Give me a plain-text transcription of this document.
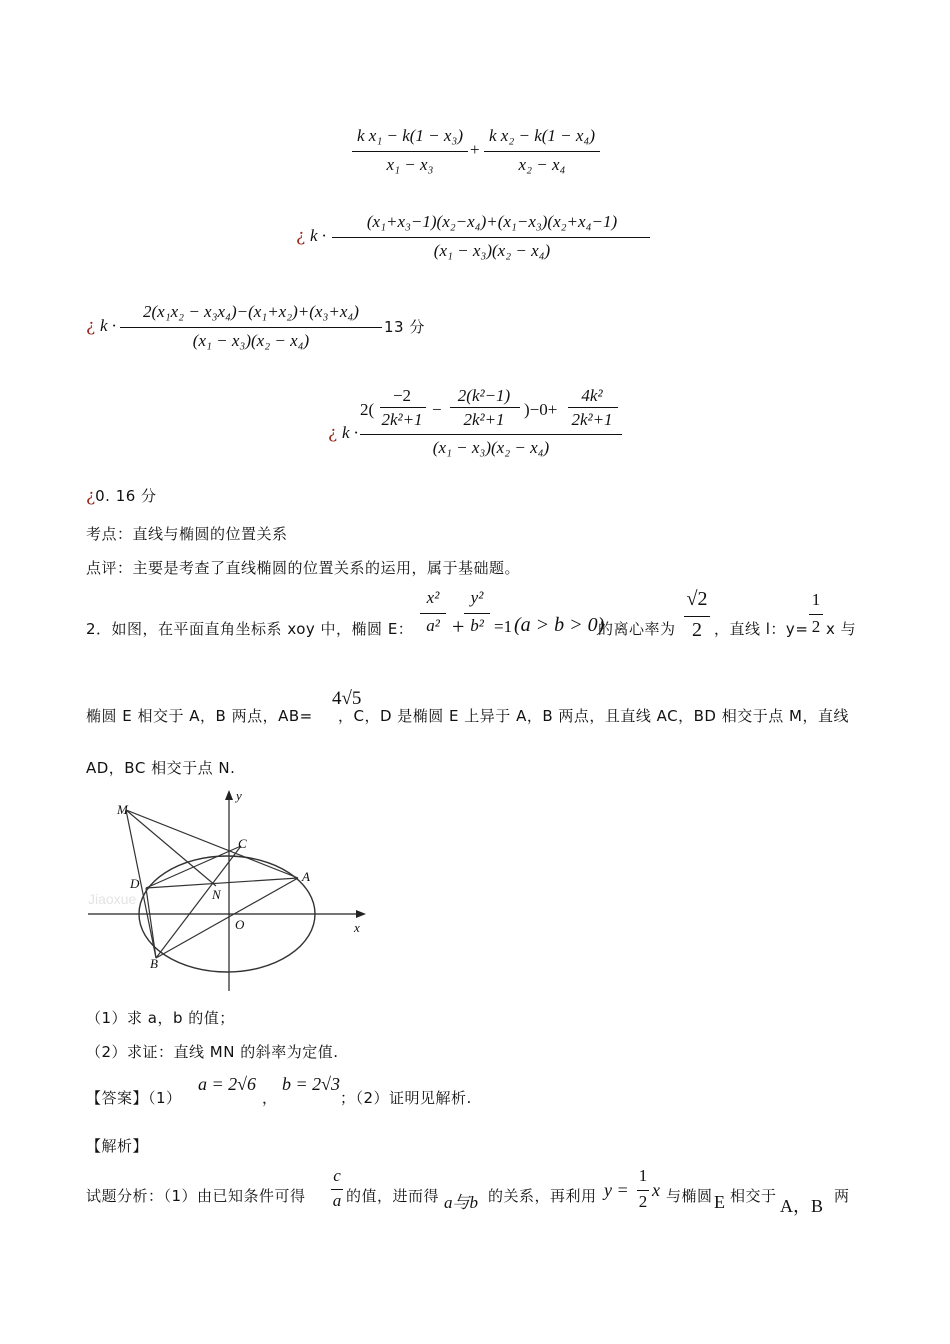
k x₁ − k(1 − x₃)
x₁ − x₃
+
k x₂ − k(1 − x₄)
x₂ − x₄
¿ k ·
(x₁+x₃−1)(x₂−x₄)+(x₁−x₃)(x₂+x₄−1)
(x₁ − x₃)(x₂ − x₄)
¿ k ·
2(x₁x₂ − x₃x₄)−(x₁+x₂)+(x₃+x₄)
(x₁ − x₃)(x₂ − x₄)
13 分
¿ k ·
2(
−2
2k²+1
−
2(k²−1)
2k²+1
)−0+
4k²
2k²+1
(x₁ − x₃)(x₂ − x₄)
¿0. 16 分
考点：直线与椭圆的位置关系
点评：主要是考查了直线椭圆的位置关系的运用，属于基础题。
2．如图，在平面直角坐标系 xoy 中，椭圆 E：
x²
a² +
y²
b² =1 (a > b > 0)
的离心率为
√2
2 ，直线 l：y=
1
2 x 与
椭圆 E 相交于 A，B 两点，AB=
4√5
，C，D 是椭圆 E 上异于 A，B 两点，且直线 AC，BD 相交于点 M，直线
AD，BC 相交于点 N.
Jiaoxue
M
C
D
N
A
O
B
x
y
（1）求 a，b 的值；
（2）求证：直线 MN 的斜率为定值.
【答案】（1）
a = 2√6
，
b = 2√3
；（2）证明见解析.
【解析】
试题分析：（1）由已知条件可得
c
a 的值，进而得 a与b 的关系，再利用 y =
1
2
x 与椭圆 E 相交于 A，B 两
